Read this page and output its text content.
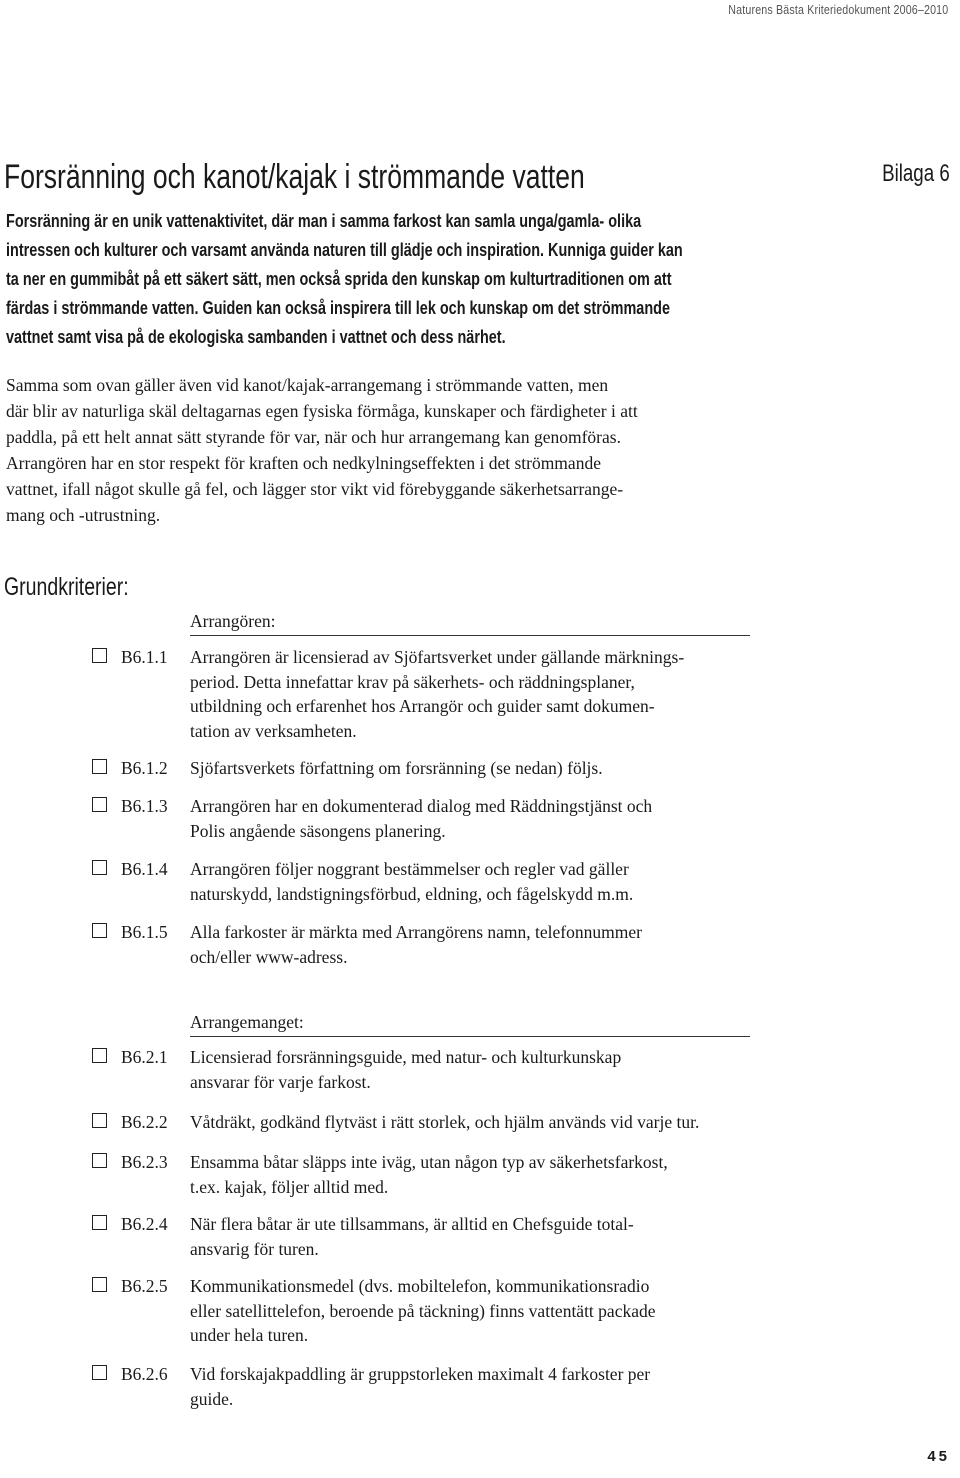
Naturens Bästa Kriteriedokument 2006–2010
Forsränning och kanot/kajak i strömmande vatten	Bilaga 6
Forsränning är en unik vattenaktivitet, där man i samma farkost kan samla unga/gamla- olika
intressen och kulturer och varsamt använda naturen till glädje och inspiration. Kunniga guider kan
ta ner en gummibåt på ett säkert sätt, men också sprida den kunskap om kulturtraditionen om att
färdas i strömmande vatten. Guiden kan också inspirera till lek och kunskap om det strömmande
vattnet samt visa på de ekologiska sambanden i vattnet och dess närhet.
Samma som ovan gäller även vid kanot/kajak-arrangemang i strömmande vatten, men
där blir av naturliga skäl deltagarnas egen fysiska förmåga, kunskaper och färdigheter i att
paddla, på ett helt annat sätt styrande för var, när och hur arrangemang kan genomföras.
Arrangören har en stor respekt för kraften och nedkylningseffekten i det strömmande
vattnet, ifall något skulle gå fel, och lägger stor vikt vid förebyggande säkerhetsarrange-
mang och -utrustning.
Grundkriterier:
Arrangören:
B6.1.1 Arrangören är licensierad av Sjöfartsverket under gällande märknings-
period. Detta innefattar krav på säkerhets- och räddningsplaner,
utbildning och erfarenhet hos Arrangör och guider samt dokumen-
tation av verksamheten.
B6.1.2 Sjöfartsverkets författning om forsränning (se nedan) följs.
B6.1.3 Arrangören har en dokumenterad dialog med Räddningstjänst och
Polis angående säsongens planering.
B6.1.4 Arrangören följer noggrant bestämmelser och regler vad gäller
naturskydd, landstigningsförbud, eldning, och fågelskydd m.m.
B6.1.5 Alla farkoster är märkta med Arrangörens namn, telefonnummer
och/eller www-adress.
Arrangemanget:
B6.2.1 Licensierad forsränningsguide, med natur- och kulturkunskap
ansvarar för varje farkost.
B6.2.2 Våtdräkt, godkänd flytväst i rätt storlek, och hjälm används vid varje tur.
B6.2.3 Ensamma båtar släpps inte iväg, utan någon typ av säkerhetsfarkost,
t.ex. kajak, följer alltid med.
B6.2.4 När flera båtar är ute tillsammans, är alltid en Chefsguide total-
ansvarig för turen.
B6.2.5 Kommunikationsmedel (dvs. mobiltelefon, kommunikationsradio
eller satellittelefon, beroende på täckning) finns vattentätt packade
under hela turen.
B6.2.6 Vid forskajakpaddling är gruppstorleken maximalt 4 farkoster per
guide.
45
